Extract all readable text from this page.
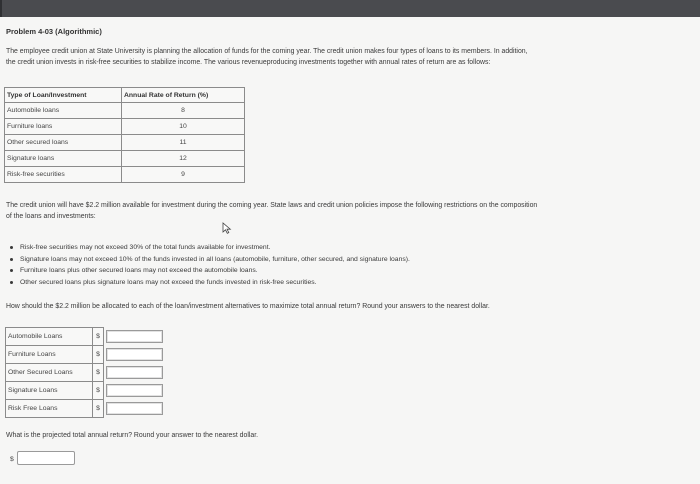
Problem 4-03 (Algorithmic)
The employee credit union at State University is planning the allocation of funds for the coming year. The credit union makes four types of loans to its members. In addition,
the credit union invests in risk-free securities to stabilize income. The various revenueproducing investments together with annual rates of return are as follows:
Type of Loan/Investment	Annual Rate of Return (%)
Automobile loans	8
Furniture loans	10
Other secured loans	11
Signature loans	12
Risk-free securities	9
The credit union will have $2.2 million available for investment during the coming year. State laws and credit union policies impose the following restrictions on the composition
of the loans and investments:
Risk-free securities may not exceed 30% of the total funds available for investment.
Signature loans may not exceed 10% of the funds invested in all loans (automobile, furniture, other secured, and signature loans).
Furniture loans plus other secured loans may not exceed the automobile loans.
Other secured loans plus signature loans may not exceed the funds invested in risk-free securities.
How should the $2.2 million be allocated to each of the loan/investment alternatives to maximize total annual return? Round your answers to the nearest dollar.
Automobile Loans	$	

Furniture Loans	$	

Other Secured Loans	$	

Signature Loans	$	

Risk Free Loans	$	
What is the projected total annual return? Round your answer to the nearest dollar.
$
